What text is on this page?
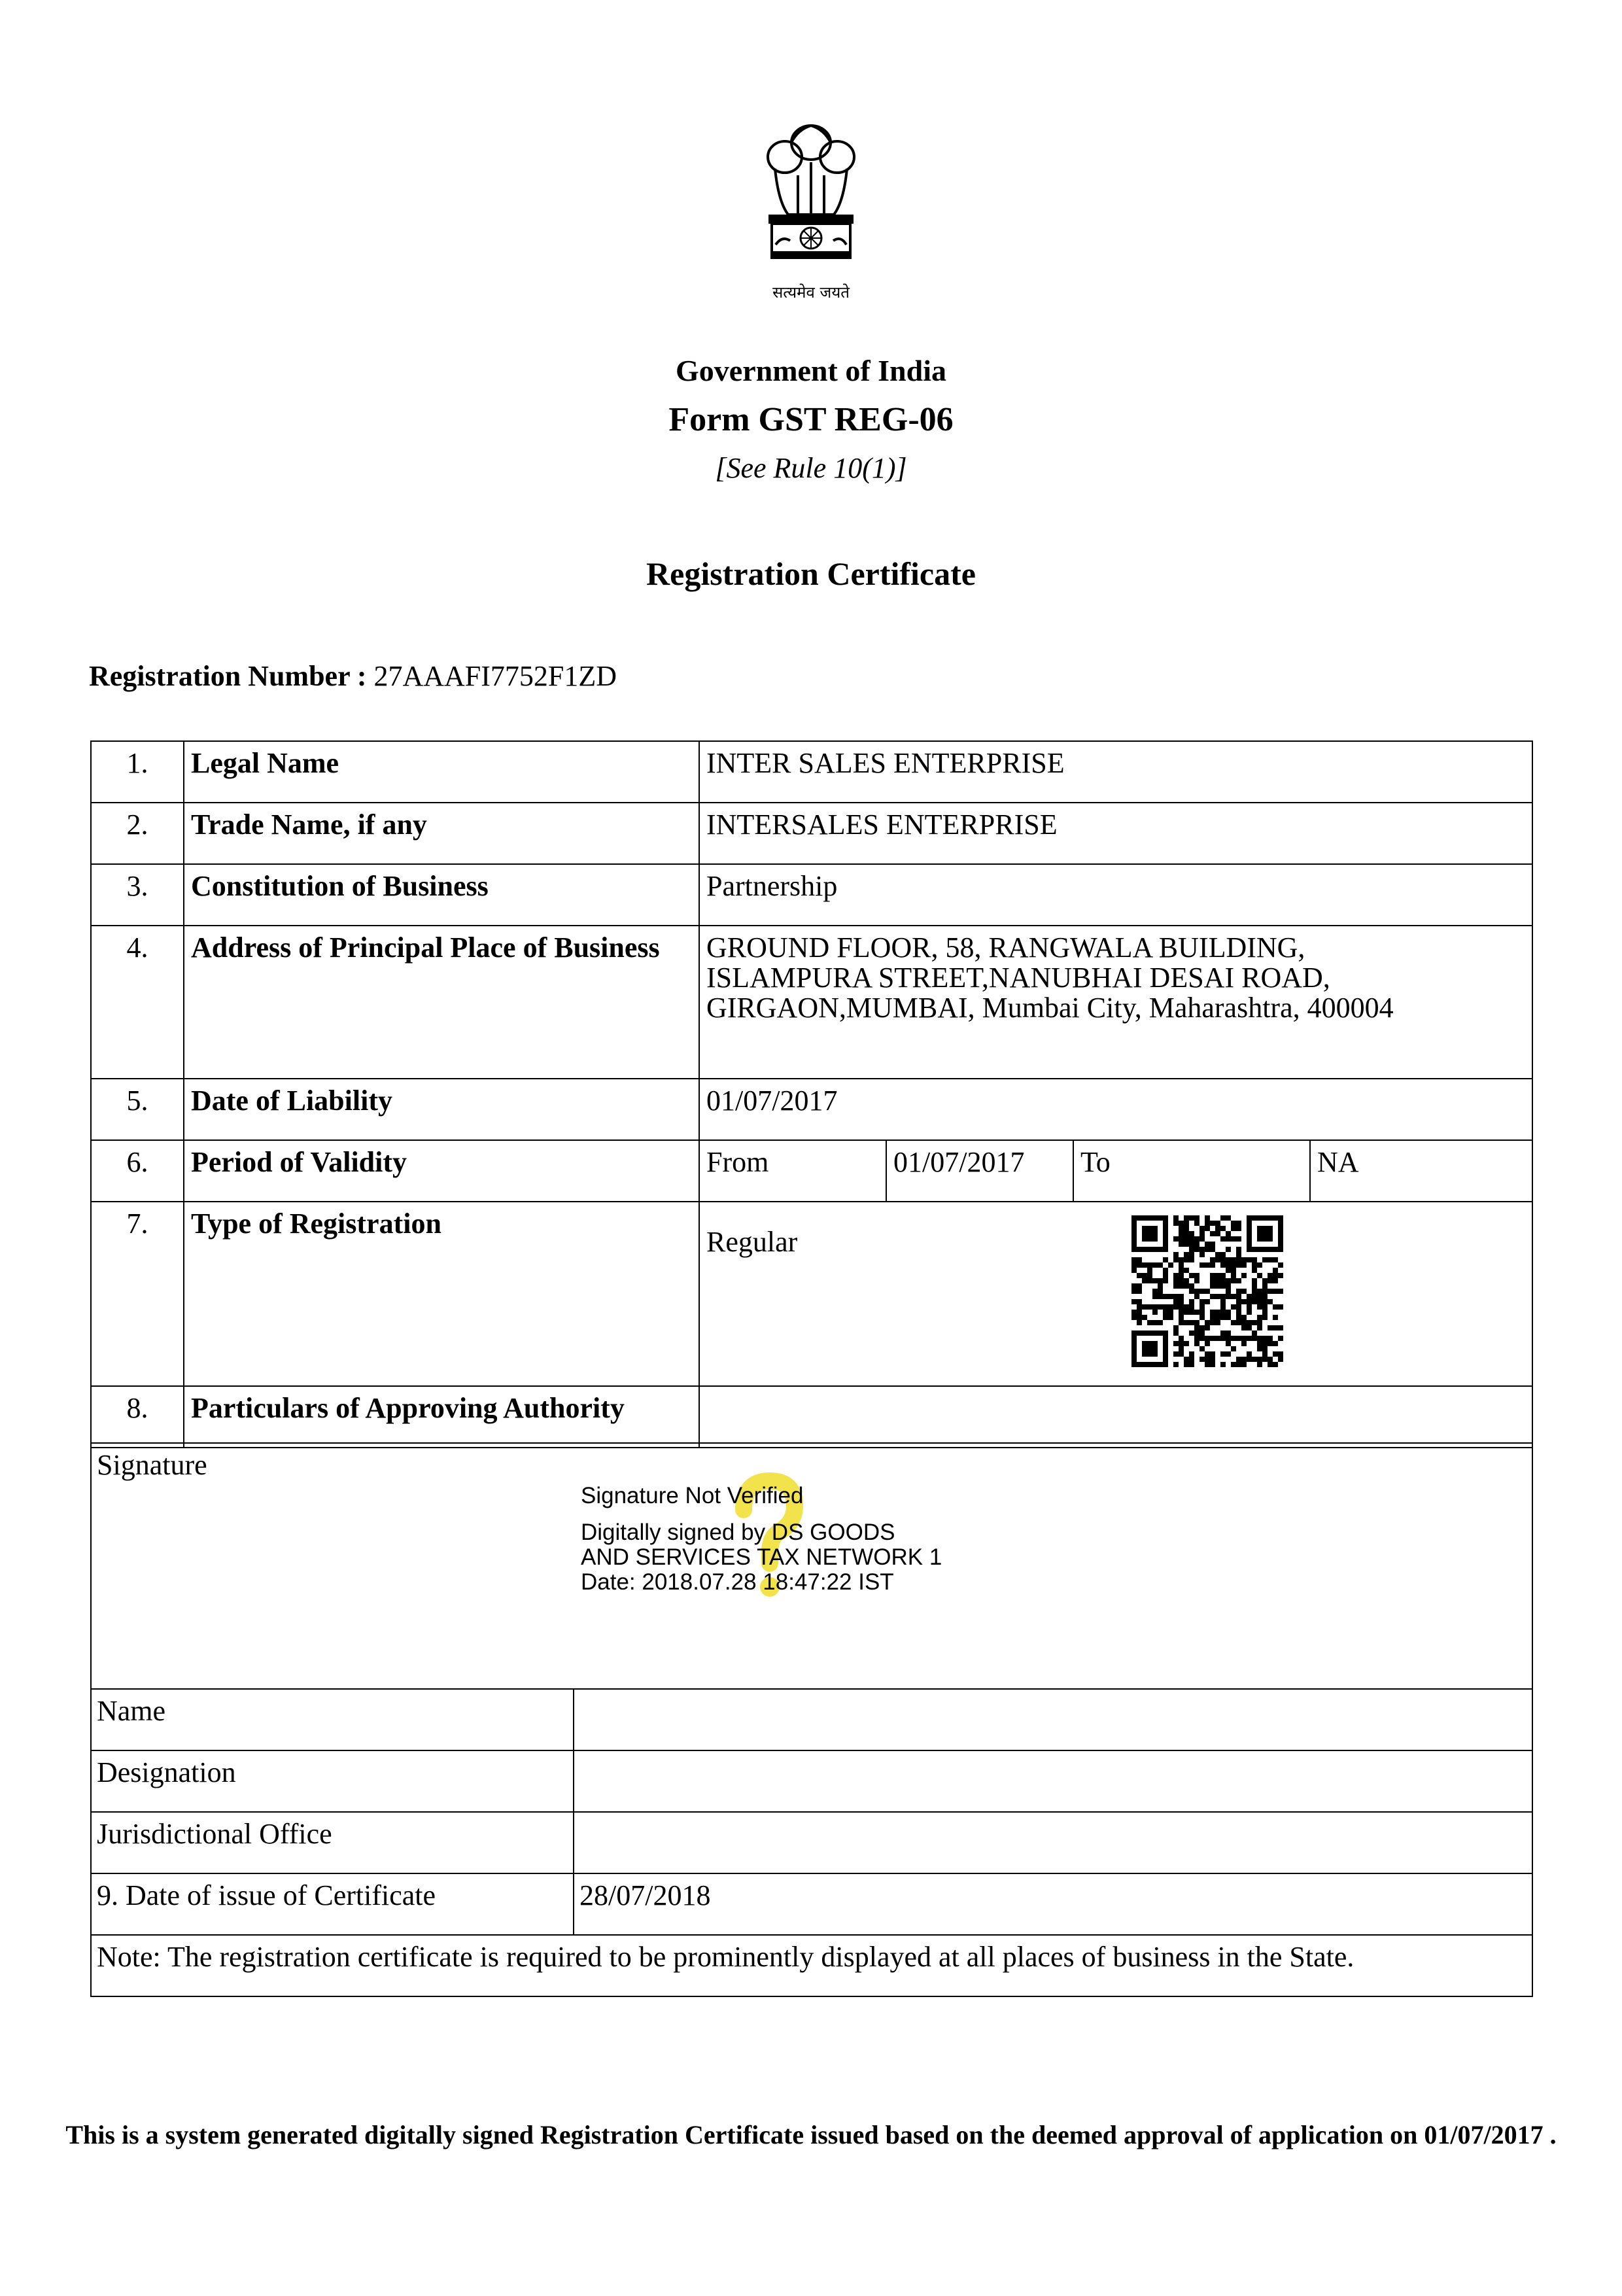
सत्यमेव जयते
Government of India
Form GST REG-06
[See Rule 10(1)]
Registration Certificate
Registration Number : 27AAAFI7752F1ZD
1.	Legal Name	INTER SALES ENTERPRISE			
2.	Trade Name, if any	INTERSALES ENTERPRISE			
3.	Constitution of Business	Partnership			
4.	Address of Principal Place of Business	GROUND FLOOR, 58, RANGWALA BUILDING,
ISLAMPURA STREET,NANUBHAI DESAI ROAD,
GIRGAON,MUMBAI, Mumbai City, Maharashtra, 400004			

5.	Date of Liability	01/07/2017			
6.	Period of Validity	From	01/07/2017	To	NA
7.	Type of Registration	Regular			

8.	Particulars of Approving Authority				
Signature	
Name	
Designation	
Jurisdictional Office	
9. Date of issue of Certificate	28/07/2018
Note: The registration certificate is required to be prominently displayed at all places of business in the State.	
Signature Not Verified
Digitally signed by DS GOODS
AND SERVICES TAX NETWORK 1
Date: 2018.07.28 18:47:22 IST
This is a system generated digitally signed Registration Certificate issued based on the deemed approval of application on 01/07/2017 .
